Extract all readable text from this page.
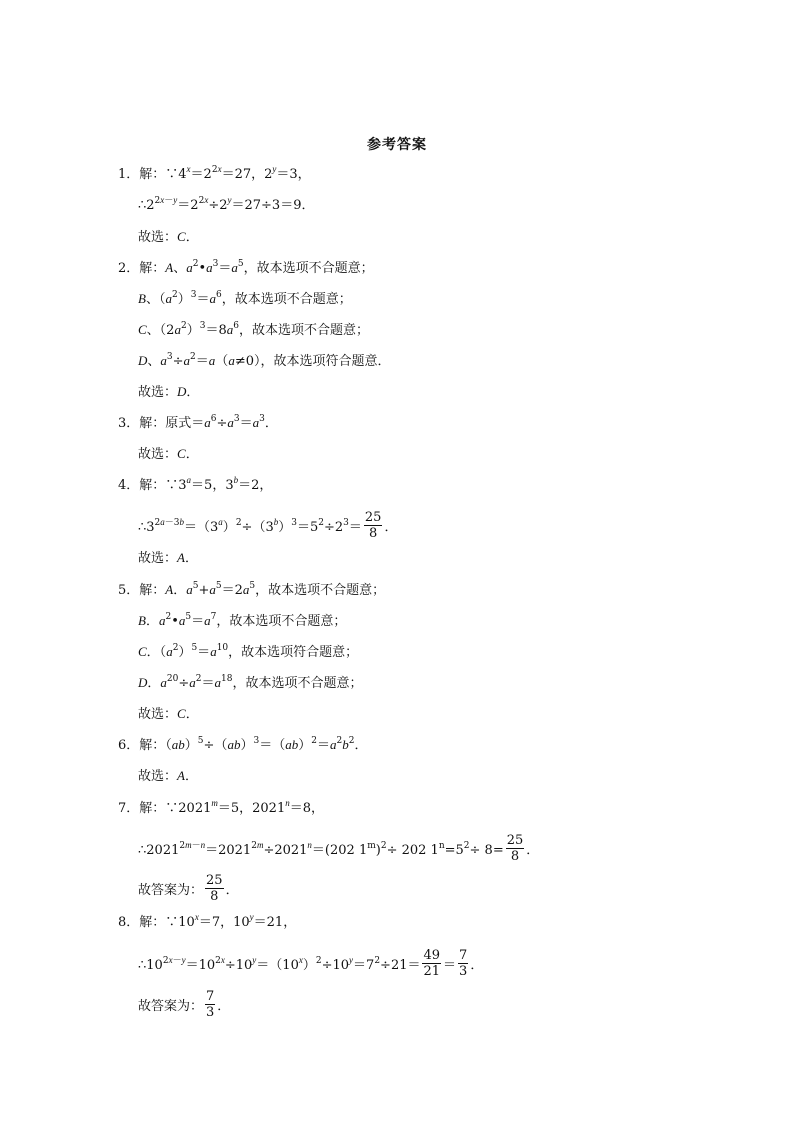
参考答案
1．解：$\because 4^x=2^{2x}=27$，$2^y=3$，
$\therefore 2^{2x-y}=2^{2x}\div 2^y=27\div 3=9$．
故选：C．
2．解：A、$a^2•a^3=a^5$，故本选项不合题意；
B、$(a^2)^3=a^6$，故本选项不合题意；
C、$(2a^2)^3=8a^6$，故本选项不合题意；
D、$a^3\div a^2=a(a\ne 0)$，故本选项符合题意．
故选：D．
3．解：原式$=a^6\div a^3=a^3$．
故选：C．
4．解：$\because 3^a=5$，$3^b=2$，
$\therefore 3^{2a-3b}=(3^a)^2\div(3^b)^3=5^2\div 2^3= \frac{25}{8}$ ．
故选：A．
5．解：A．$a^5+a^5=2a^5$，故本选项不合题意；
B．$a^2•a^5=a^7$，故本选项不合题意；
C．$(a^2)^5=a^{10}$，故本选项符合题意；
D．$a^{20}\div a^2=a^{18}$，故本选项不合题意；
故选：C．
6．解：$(ab)^5\div(ab)^3=(ab)^2=a^2b^2$．
故选：A．
7．解：$\because 2021^m=5$，$2021^n=8$，
$\therefore 2021^{2m-n}=2021^{2m}\div 2021^n=(202$ $1^m)^2\div 202$ $1^n=5^2\div 8= \frac{25}{8}$ ．
故答案为： $\frac{25}{8}$ ．
8．解：$\because 10^x=7$，$10^y=21$，
$\therefore 10^{2x-y}=10^{2x}\div 10^y=(10^x)^2\div 10^y=7^2\div 21= \frac{49}{21} = \frac{7}{3}$ ．
故答案为： $\frac{7}{3}$ ．
